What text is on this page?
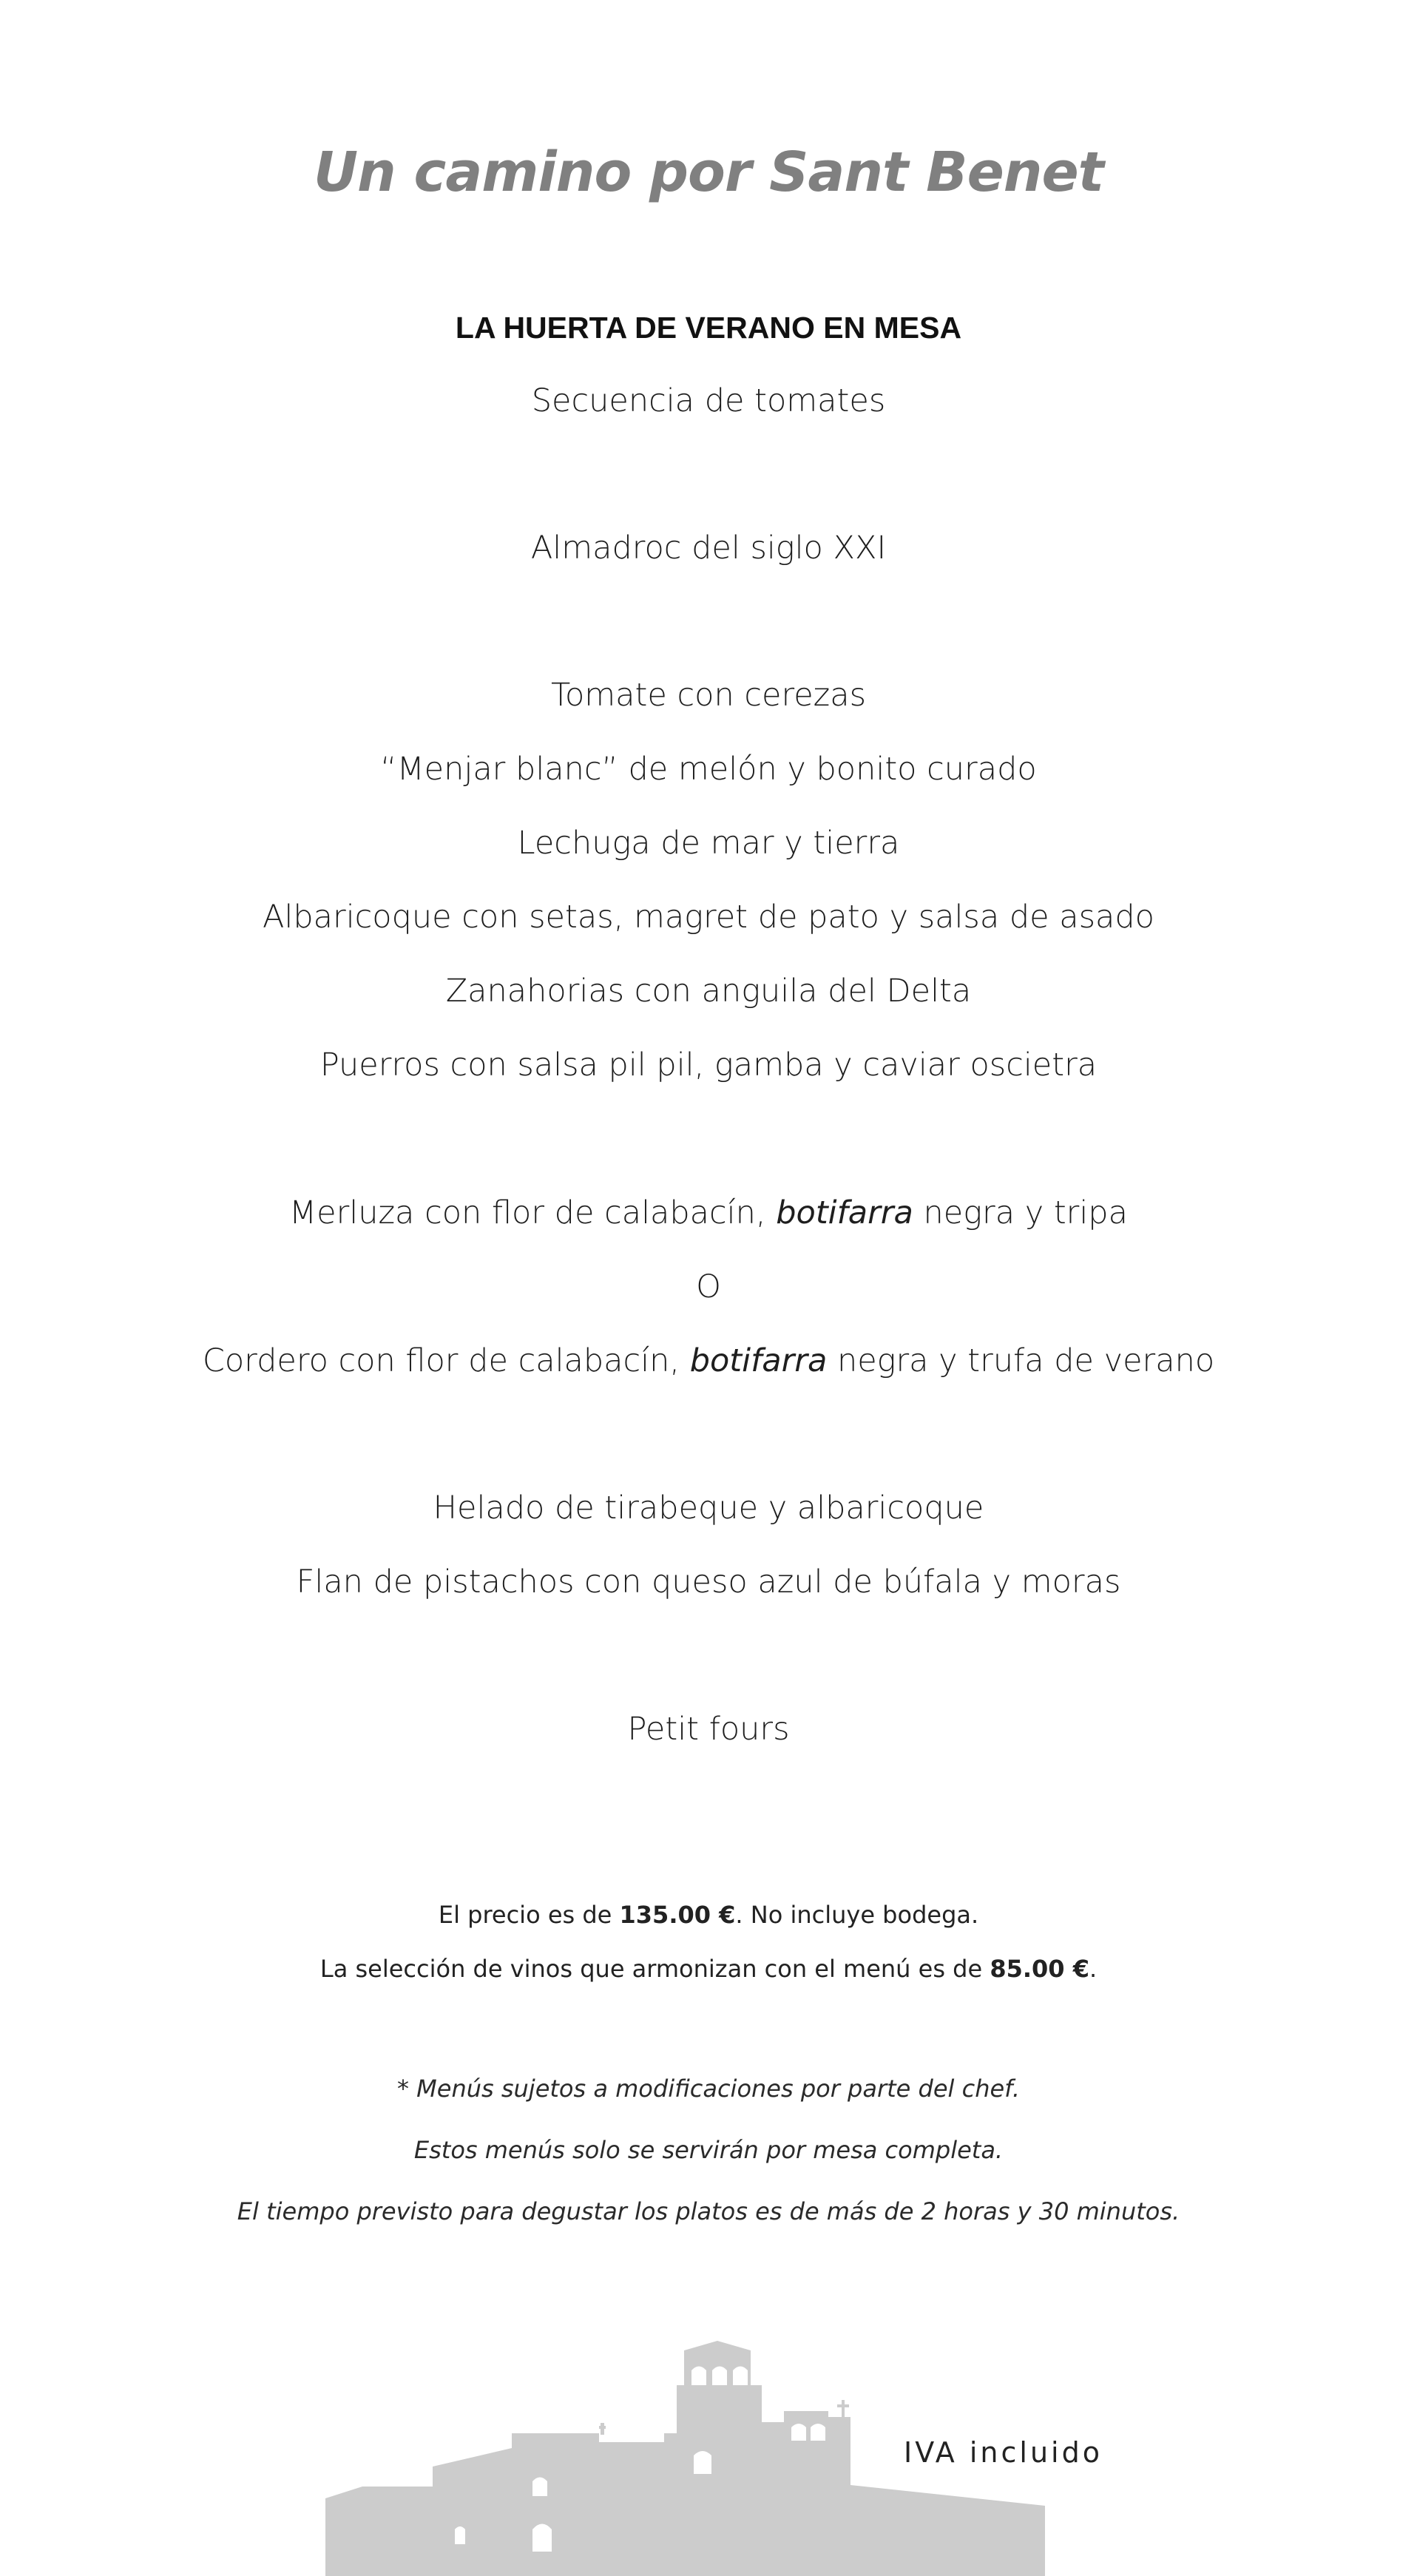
Un camino por Sant Benet
LA HUERTA DE VERANO EN MESA
Secuencia de tomates
Almadroc del siglo XXI
Tomate con cerezas
“Menjar blanc” de melón y bonito curado
Lechuga de mar y tierra
Albaricoque con setas, magret de pato y salsa de asado
Zanahorias con anguila del Delta
Puerros con salsa pil pil, gamba y caviar oscietra
Merluza con flor de calabacín, botifarra negra y tripa
O
Cordero con flor de calabacín, botifarra negra y trufa de verano
Helado de tirabeque y albaricoque
Flan de pistachos con queso azul de búfala y moras
Petit fours
El precio es de 135.00 €. No incluye bodega.
La selección de vinos que armonizan con el menú es de 85.00 €.
* Menús sujetos a modificaciones por parte del chef.
Estos menús solo se servirán por mesa completa.
El tiempo previsto para degustar los platos es de más de 2 horas y 30 minutos.
IVA incluido
